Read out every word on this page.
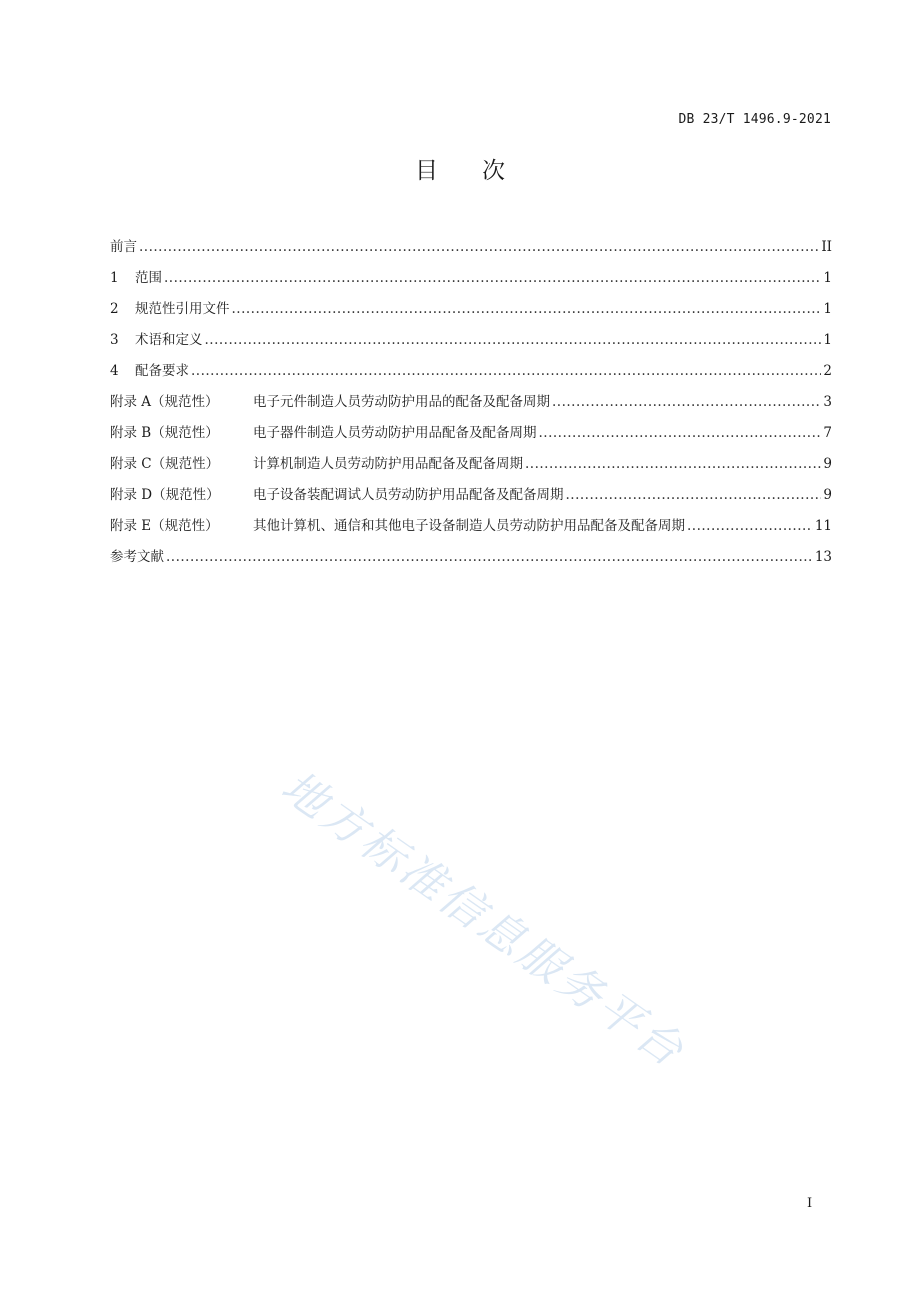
DB 23/T 1496.9-2021
目 次
前言 .....	II
1	范围 .....	1
2	规范性引用文件 .....	1
3	术语和定义 .....	1
4	配备要求 .....	2
附录 A（规范性）	电子元件制造人员劳动防护用品的配备及配备周期 .....	3
附录 B（规范性）	电子器件制造人员劳动防护用品配备及配备周期 .....	7
附录 C（规范性）	计算机制造人员劳动防护用品配备及配备周期 .....	9
附录 D（规范性）	电子设备装配调试人员劳动防护用品配备及配备周期 .....	9
附录 E（规范性）	其他计算机、通信和其他电子设备制造人员劳动防护用品配备及配备周期 .....	11
参考文献 .....	13
地方标准信息服务平台
I
